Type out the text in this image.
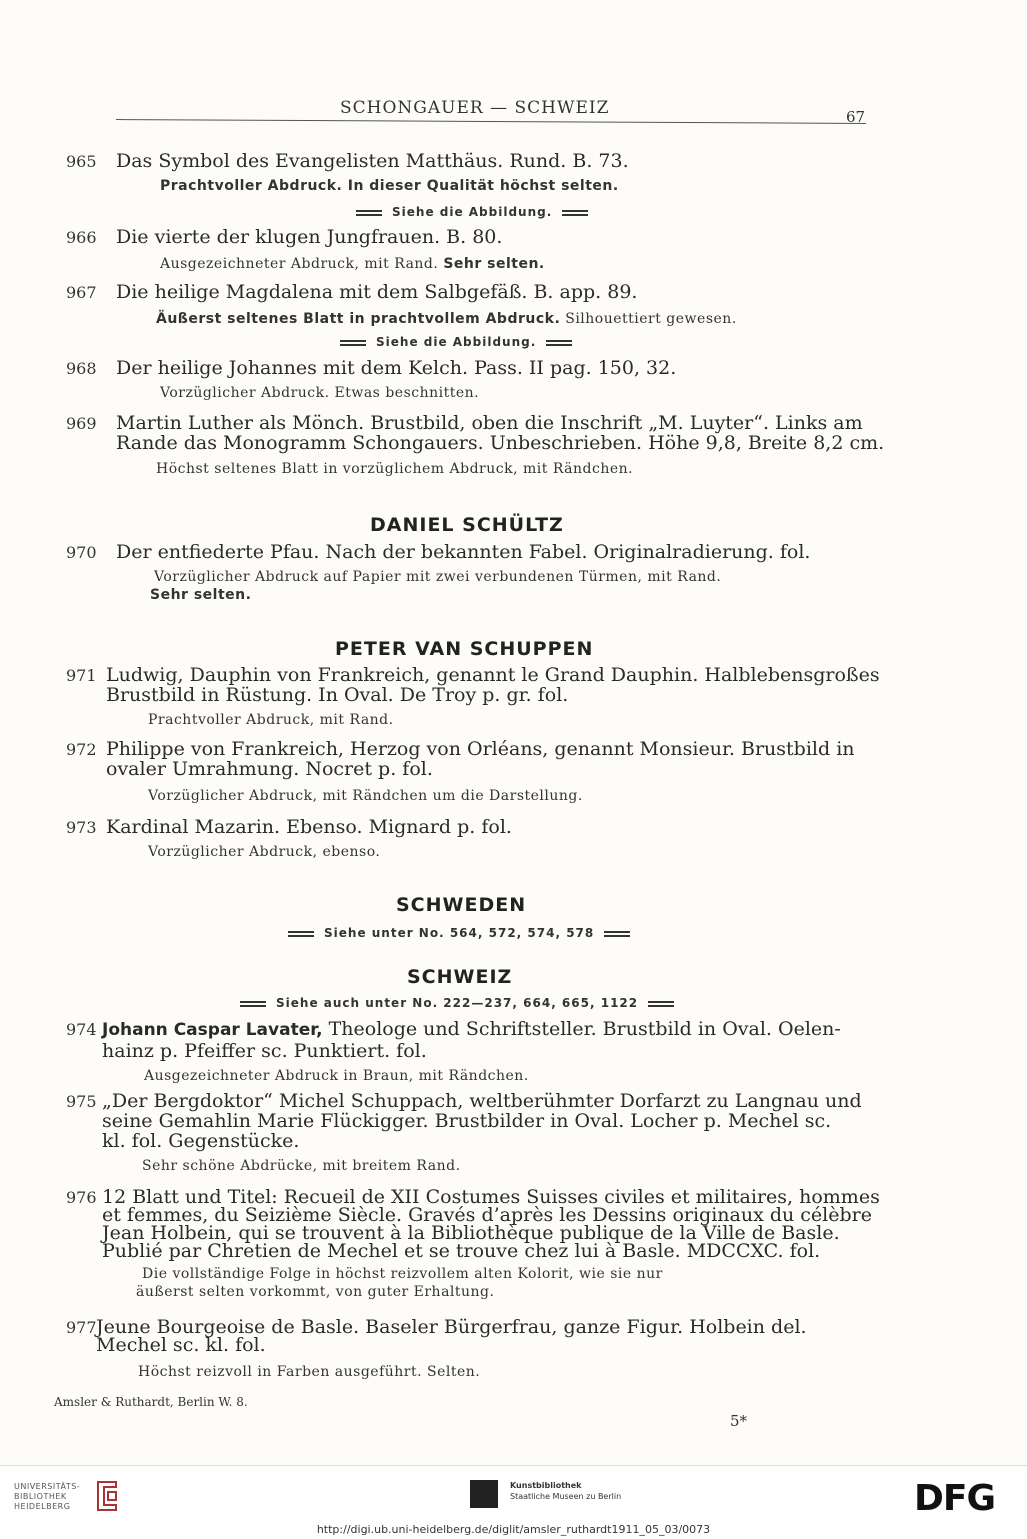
SCHONGAUER — SCHWEIZ	67
965 Das Symbol des Evangelisten Matthäus. Rund. B. 73.
Prachtvoller Abdruck. In dieser Qualität höchst selten.
Siehe die Abbildung.
966 Die vierte der klugen Jungfrauen. B. 80.
Ausgezeichneter Abdruck, mit Rand. Sehr selten.
967 Die heilige Magdalena mit dem Salbgefäß. B. app. 89.
Äußerst seltenes Blatt in prachtvollem Abdruck. Silhouettiert gewesen.
Siehe die Abbildung.
968 Der heilige Johannes mit dem Kelch. Pass. II pag. 150, 32.
Vorzüglicher Abdruck. Etwas beschnitten.
969 Martin Luther als Mönch. Brustbild, oben die Inschrift „M. Luyter“. Links am
Rande das Monogramm Schongauers. Unbeschrieben. Höhe 9,8, Breite 8,2 cm.
Höchst seltenes Blatt in vorzüglichem Abdruck, mit Rändchen.
DANIEL SCHÜLTZ
970 Der entfiederte Pfau. Nach der bekannten Fabel. Originalradierung. fol.
Vorzüglicher Abdruck auf Papier mit zwei verbundenen Türmen, mit Rand.
Sehr selten.
PETER VAN SCHUPPEN
971 Ludwig, Dauphin von Frankreich, genannt le Grand Dauphin. Halblebensgroßes
Brustbild in Rüstung. In Oval. De Troy p. gr. fol.
Prachtvoller Abdruck, mit Rand.
972 Philippe von Frankreich, Herzog von Orléans, genannt Monsieur. Brustbild in
ovaler Umrahmung. Nocret p. fol.
Vorzüglicher Abdruck, mit Rändchen um die Darstellung.
973 Kardinal Mazarin. Ebenso. Mignard p. fol.
Vorzüglicher Abdruck, ebenso.
SCHWEDEN
Siehe unter No. 564, 572, 574, 578
SCHWEIZ
Siehe auch unter No. 222—237, 664, 665, 1122
974 Johann Caspar Lavater, Theologe und Schriftsteller. Brustbild in Oval. Oelen-
hainz p. Pfeiffer sc. Punktiert. fol.
Ausgezeichneter Abdruck in Braun, mit Rändchen.
975 „Der Bergdoktor“ Michel Schuppach, weltberühmter Dorfarzt zu Langnau und
seine Gemahlin Marie Flückigger. Brustbilder in Oval. Locher p. Mechel sc.
kl. fol. Gegenstücke.
Sehr schöne Abdrücke, mit breitem Rand.
976 12 Blatt und Titel: Recueil de XII Costumes Suisses civiles et militaires, hommes
et femmes, du Seizième Siècle. Gravés d’après les Dessins originaux du célèbre
Jean Holbein, qui se trouvent à la Bibliothèque publique de la Ville de Basle.
Publié par Chretien de Mechel et se trouve chez lui à Basle. MDCCXC. fol.
Die vollständige Folge in höchst reizvollem alten Kolorit, wie sie nur
äußerst selten vorkommt, von guter Erhaltung.
977 Jeune Bourgeoise de Basle. Baseler Bürgerfrau, ganze Figur. Holbein del.
Mechel sc. kl. fol.
Höchst reizvoll in Farben ausgeführt. Selten.
Amsler & Ruthardt, Berlin W. 8.
5*
UNIVERSITÄTS-
BIBLIOTHEK
HEIDELBERG
Kunstbibliothek
Staatliche Museen zu Berlin	DFG
http://digi.ub.uni-heidelberg.de/diglit/amsler_ruthardt1911_05_03/0073
